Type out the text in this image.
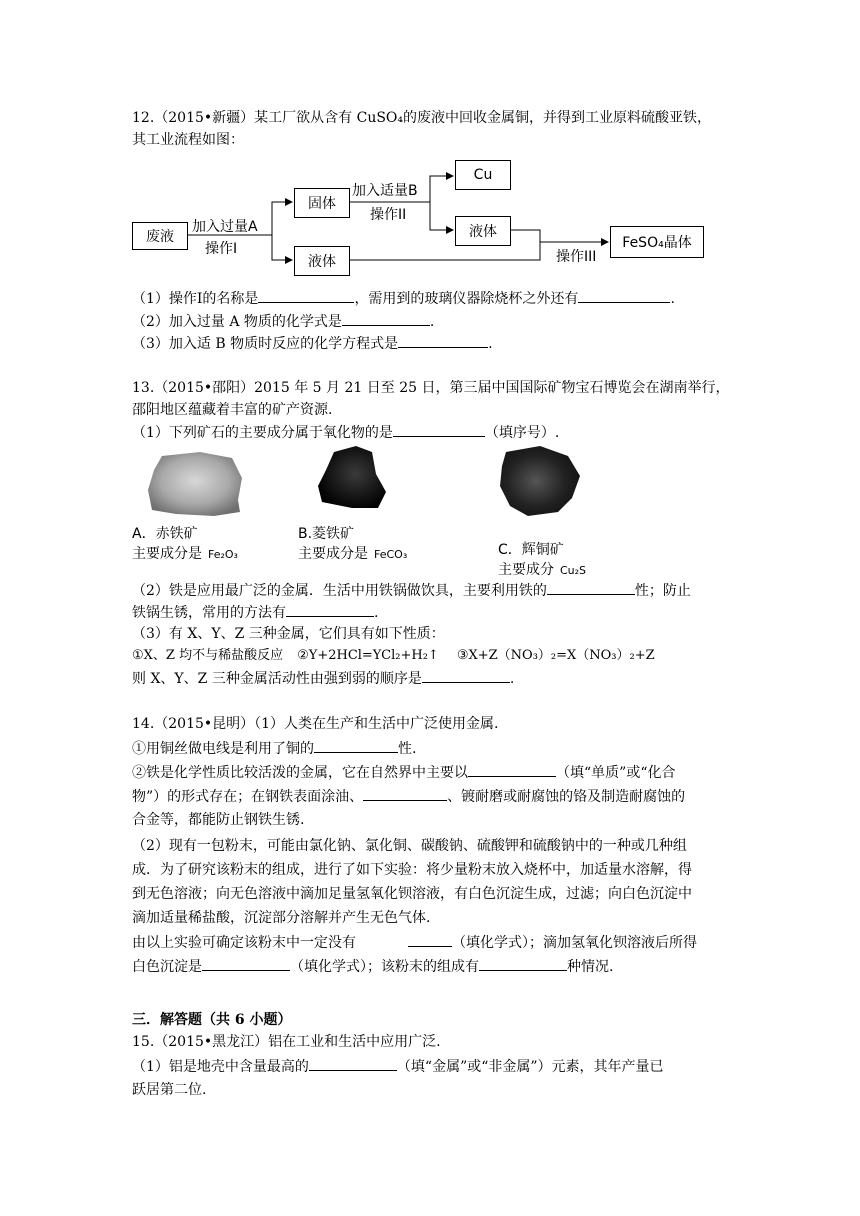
12.（2015•新疆）某工厂欲从含有 CuSO₄的废液中回收金属铜，并得到工业原料硫酸亚铁，
其工业流程如图：
废液
加入过量A
操作I
固体
液体
加入适量B
操作II
Cu
液体
操作III
FeSO₄晶体
（1）操作Ⅰ的名称是	，需用到的玻璃仪器除烧杯之外还有	.
（2）加入过量 A 物质的化学式是	.
（3）加入适 B 物质时反应的化学方程式是	.
13.（2015•邵阳）2015 年 5 月 21 日至 25 日，第三届中国国际矿物宝石博览会在湖南举行，
邵阳地区蕴藏着丰富的矿产资源.
（1）下列矿石的主要成分属于氧化物的是	（填序号）.
A．赤铁矿
主要成分是 Fe₂O₃
B.菱铁矿
主要成分是 FeCO₃	C．辉铜矿
主要成分 Cu₂S
（2）铁是应用最广泛的金属．生活中用铁锅做饮具，主要利用铁的	性；防止
铁锅生锈，常用的方法有	.
（3）有 X、Y、Z 三种金属，它们具有如下性质：
①X、Z 均不与稀盐酸反应 ②Y+2HCl=YCl₂+H₂↑ ③X+Z（NO₃）₂=X（NO₃）₂+Z
则 X、Y、Z 三种金属活动性由强到弱的顺序是	.
14.（2015•昆明）（1）人类在生产和生活中广泛使用金属.
①用铜丝做电线是利用了铜的	性.
②铁是化学性质比较活泼的金属，它在自然界中主要以	（填“单质”或“化合
物”）的形式存在；在钢铁表面涂油、	、镀耐磨或耐腐蚀的铬及制造耐腐蚀的
合金等，都能防止钢铁生锈.
（2）现有一包粉末，可能由氯化钠、氯化铜、碳酸钠、硫酸钾和硫酸钠中的一种或几种组
成．为了研究该粉末的组成，进行了如下实验：将少量粉末放入烧杯中，加适量水溶解，得
到无色溶液；向无色溶液中滴加足量氢氧化钡溶液，有白色沉淀生成，过滤；向白色沉淀中
滴加适量稀盐酸，沉淀部分溶解并产生无色气体.
由以上实验可确定该粉末中一定没有	（填化学式）；滴加氢氧化钡溶液后所得
白色沉淀是	（填化学式）；该粉末的组成有	种情况.
三．解答题（共 6 小题）
15.（2015•黑龙江）铝在工业和生活中应用广泛.
（1）铝是地壳中含量最高的	（填“金属”或“非金属”）元素，其年产量已
跃居第二位.
